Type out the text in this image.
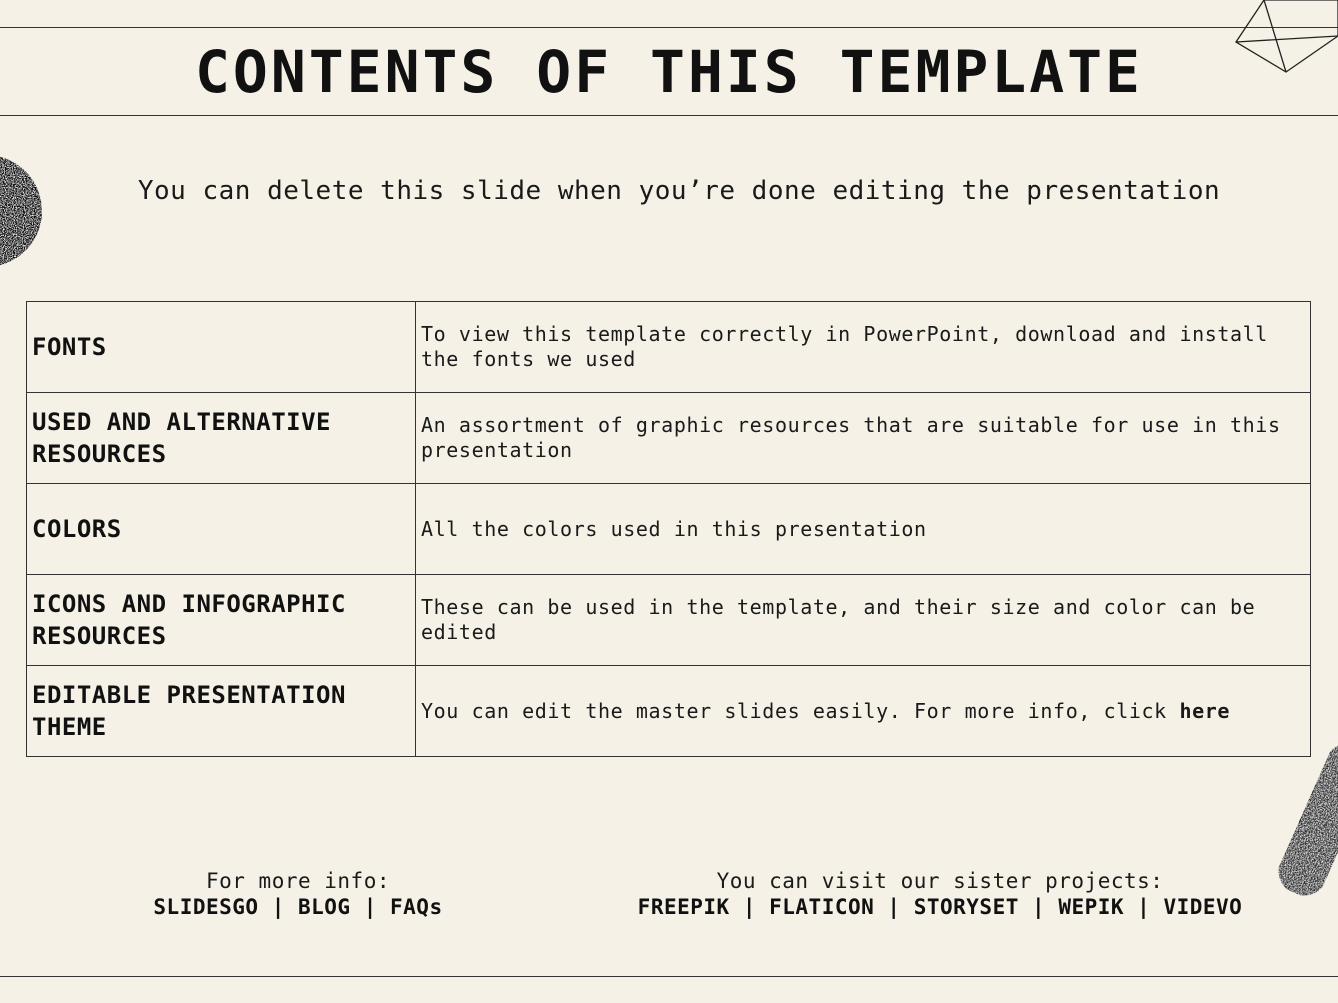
CONTENTS OF THIS TEMPLATE

You can delete this slide when you’re done editing the presentation

FONTS	To view this template correctly in PowerPoint, download and install the fonts we used
USED AND ALTERNATIVE RESOURCES	An assortment of graphic resources that are suitable for use in this presentation
COLORS	All the colors used in this presentation
ICONS AND INFOGRAPHIC RESOURCES	These can be used in the template, and their size and color can be edited
EDITABLE PRESENTATION THEME	You can edit the master slides easily. For more info, click here
For more info:
SLIDESGO | BLOG | FAQs
You can visit our sister projects:
FREEPIK | FLATICON | STORYSET | WEPIK | VIDEVO
